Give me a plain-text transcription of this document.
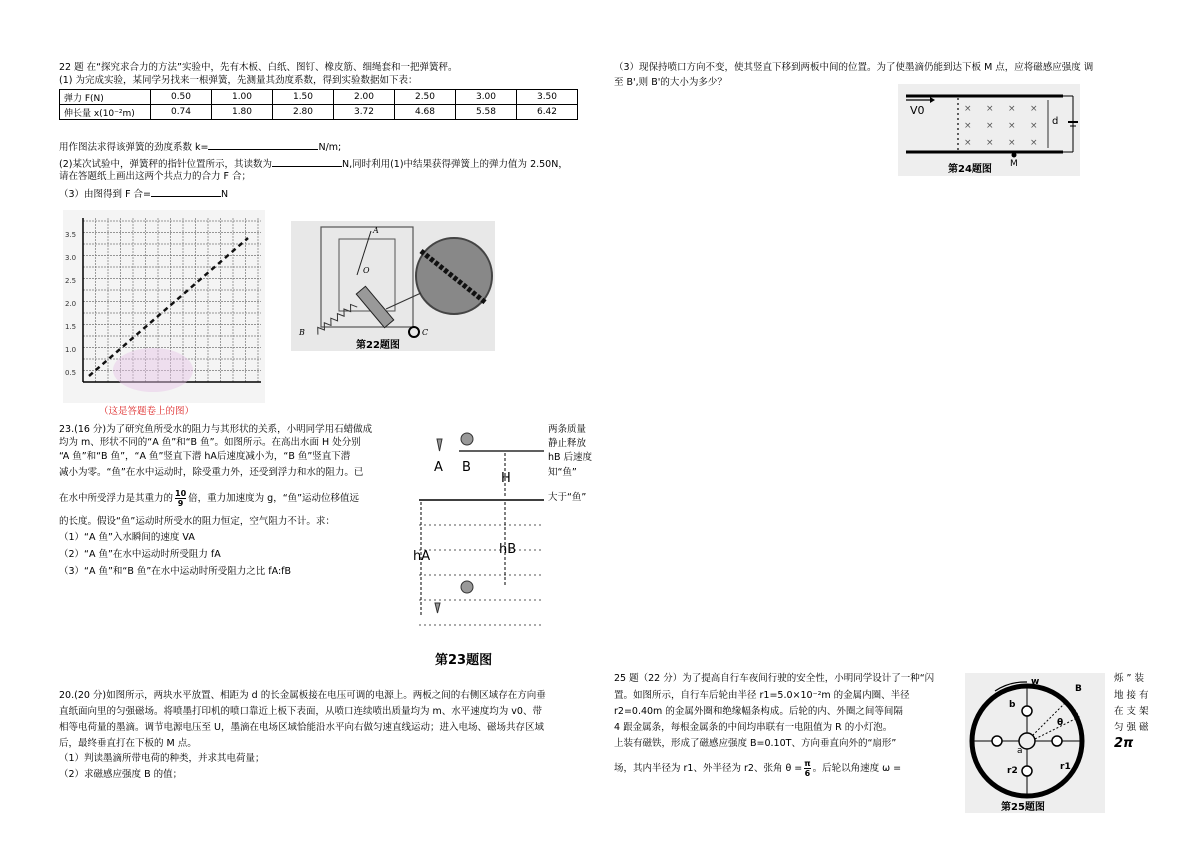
22 题 在“探究求合力的方法”实验中，先有木板、白纸、图钉、橡皮筋、细绳套和一把弹簧秤。
(1) 为完成实验，某同学另找来一根弹簧，先测量其劲度系数，得到实验数据如下表：
弹力 F(N)	0.50	1.00	1.50	2.00	2.50	3.00	3.50
伸长量 x(10⁻²m)	0.74	1.80	2.80	3.72	4.68	5.58	6.42
用作图法求得该弹簧的劲度系数 k=	N/m;
(2)某次试验中，弹簧秤的指针位置所示，其读数为	N,同时利用(1)中结果获得弹簧上的弹力值为 2.50N，
请在答题纸上画出这两个共点力的合力 F 合；
（3）由图得到 F 合=	N
3.5
3.0
2.5
2.0
1.5
1.0
0.5
（这是答题卷上的图）
A
O
B	C
第22题图
23.(16 分)为了研究鱼所受水的阻力与其形状的关系，小明同学用石蜡做成
均为 m、形状不同的“A 鱼”和“B 鱼”。如图所示。在高出水面 H 处分别
“A 鱼”和“B 鱼”，“A 鱼”竖直下潜 hA后速度减小为，“B 鱼”竖直下潜
减小为零。“鱼”在水中运动时，除受重力外，还受到浮力和水的阻力。已
在水中所受浮力是其重力的 $\frac{10}{9}$ 倍，重力加速度为 g，“鱼”运动位移值远
的长度。假设“鱼”运动时所受水的阻力恒定，空气阻力不计。求：
（1）“A 鱼”入水瞬间的速度 VA
（2）“A 鱼”在水中运动时所受阻力 fA
（3）“A 鱼”和“B 鱼”在水中运动时所受阻力之比 fA:fB
两条质量
静止释放
hB 后速度
知“鱼”
大于“鱼”
A B
H
hA	hB
第23题图
20.(20 分)如图所示，两块水平放置、相距为 d 的长金属板接在电压可调的电源上。两板之间的右侧区域存在方向垂
直纸面向里的匀强磁场。将喷墨打印机的喷口靠近上板下表面，从喷口连续喷出质量均为 m、水平速度均为 v0、带
相等电荷量的墨滴。调节电源电压至 U，墨滴在电场区域恰能沿水平向右做匀速直线运动；进入电场、磁场共存区域
后，最终垂直打在下板的 M 点。
（1）判读墨滴所带电荷的种类，并求其电荷量；
（2）求磁感应强度 B 的值；
（3）现保持喷口方向不变，使其竖直下移到两板中间的位置。为了使墨滴仍能到达下板 M 点，应将磁感应强度 调
至 B',则 B'的大小为多少？
× × × ×
× × × ×
× × × ×
V0
d
M
第24题图
25 题（22 分）为了提高自行车夜间行驶的安全性，小明同学设计了一种“闪
置。如图所示，自行车后轮由半径 r1=5.0×10⁻²m 的金属内圈、半径
r2=0.40m 的金属外圈和绝缘幅条构成。后轮的内、外圈之间等间隔
4 跟金属条，每根金属条的中间均串联有一电阻值为 R 的小灯泡。
上装有磁铁，形成了磁感应强度 B=0.10T、方向垂直向外的“扇形”
场，其内半径为 r1、外半径为 r2、张角 $\theta = \frac{\pi}{6}$ 。后轮以角速度 ω =
烁 ” 装
地 接 有
在 支 架
匀 强 磁
2π
w
B
b
a
θ
r1
r2
第25题图
